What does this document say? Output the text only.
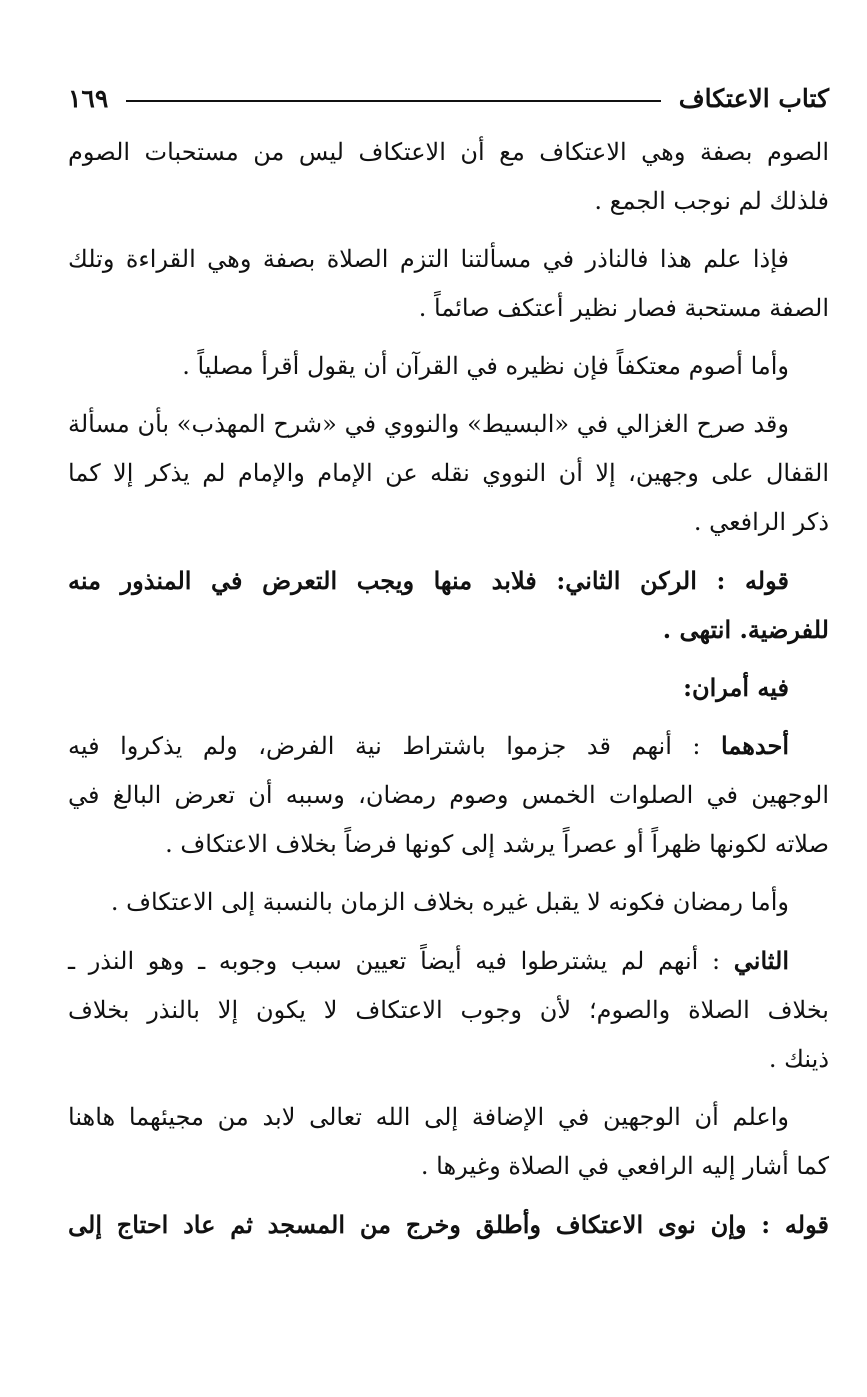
كتاب الاعتكاف
١٦٩

الصوم بصفة وهي الاعتكاف مع أن الاعتكاف ليس من مستحبات الصوم
فلذلك لم نوجب الجمع .

فإذا علم هذا فالناذر في مسألتنا التزم الصلاة بصفة وهي القراءة وتلك
الصفة مستحبة فصار نظير أعتكف صائماً .

وأما أصوم معتكفاً فإن نظيره في القرآن أن يقول أقرأ مصلياً .

وقد صرح الغزالي في «البسيط» والنووي في «شرح المهذب» بأن مسألة
القفال على وجهين، إلا أن النووي نقله عن الإمام والإمام لم يذكر إلا كما
ذكر الرافعي .

قوله : الركن الثاني: فلابد منها ويجب التعرض في المنذور منه
للفرضية. انتهى .

فيه أمران:

أحدهما : أنهم قد جزموا باشتراط نية الفرض، ولم يذكروا فيه
الوجهين في الصلوات الخمس وصوم رمضان، وسببه أن تعرض البالغ في
صلاته لكونها ظهراً أو عصراً يرشد إلى كونها فرضاً بخلاف الاعتكاف .

وأما رمضان فكونه لا يقبل غيره بخلاف الزمان بالنسبة إلى الاعتكاف .

الثاني : أنهم لم يشترطوا فيه أيضاً تعيين سبب وجوبه ـ وهو النذر ـ
بخلاف الصلاة والصوم؛ لأن وجوب الاعتكاف لا يكون إلا بالنذر بخلاف
ذينك .

واعلم أن الوجهين في الإضافة إلى الله تعالى لابد من مجيئهما هاهنا
كما أشار إليه الرافعي في الصلاة وغيرها .

قوله : وإن نوى الاعتكاف وأطلق وخرج من المسجد ثم عاد احتاج إلى
